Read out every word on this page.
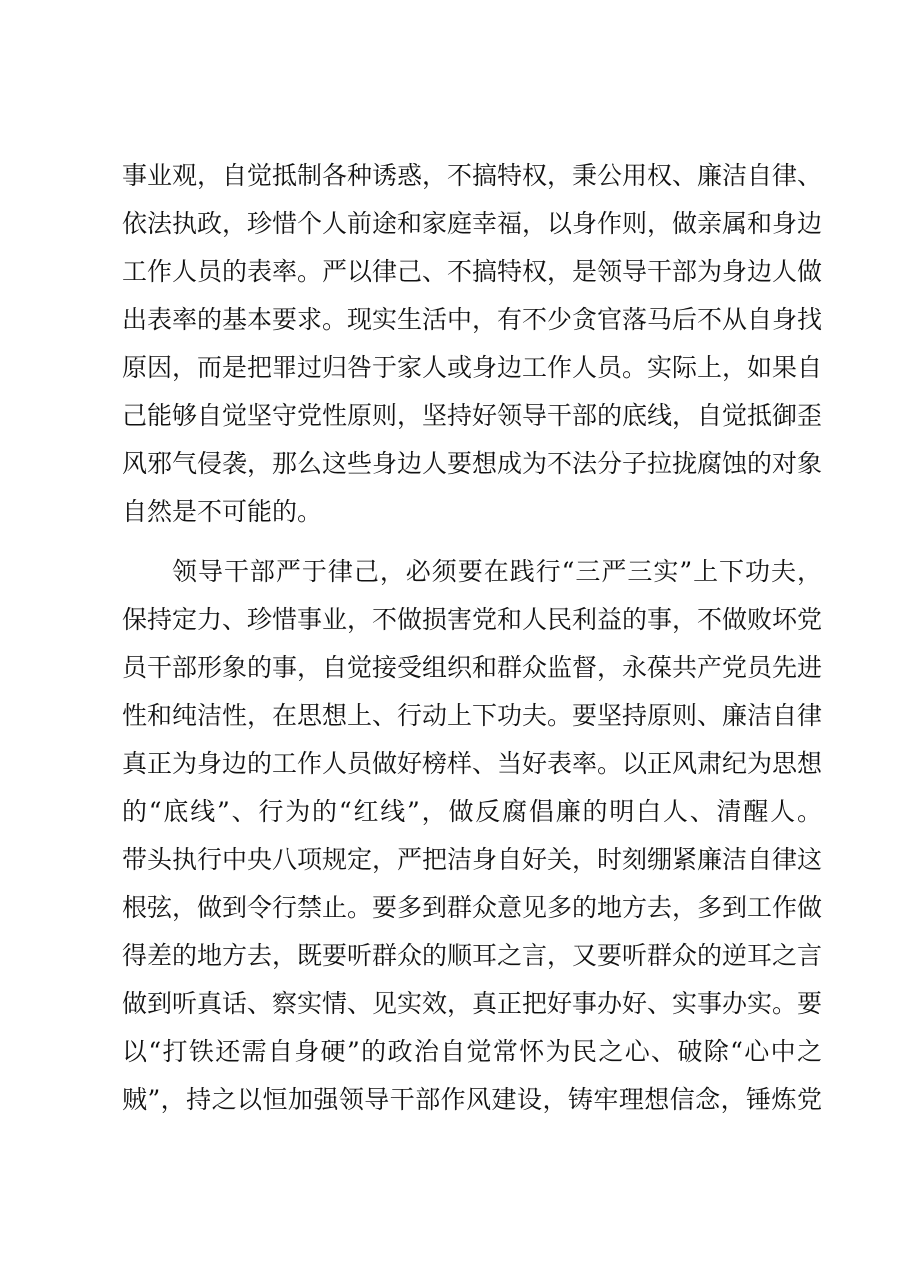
事业观，自觉抵制各种诱惑，不搞特权，秉公用权、廉洁自律、
依法执政，珍惜个人前途和家庭幸福，以身作则，做亲属和身边
工作人员的表率。严以律己、不搞特权，是领导干部为身边人做
出表率的基本要求。现实生活中，有不少贪官落马后不从自身找
原因，而是把罪过归咎于家人或身边工作人员。实际上，如果自
己能够自觉坚守党性原则，坚持好领导干部的底线，自觉抵御歪
风邪气侵袭，那么这些身边人要想成为不法分子拉拢腐蚀的对象
自然是不可能的。
领导干部严于律己，必须要在践行“三严三实”上下功夫，
保持定力、珍惜事业，不做损害党和人民利益的事，不做败坏党
员干部形象的事，自觉接受组织和群众监督，永葆共产党员先进
性和纯洁性，在思想上、行动上下功夫。要坚持原则、廉洁自律
真正为身边的工作人员做好榜样、当好表率。以正风肃纪为思想
的“底线”、行为的“红线”，做反腐倡廉的明白人、清醒人。
带头执行中央八项规定，严把洁身自好关，时刻绷紧廉洁自律这
根弦，做到令行禁止。要多到群众意见多的地方去，多到工作做
得差的地方去，既要听群众的顺耳之言，又要听群众的逆耳之言
做到听真话、察实情、见实效，真正把好事办好、实事办实。要
以“打铁还需自身硬”的政治自觉常怀为民之心、破除“心中之
贼”，持之以恒加强领导干部作风建设，铸牢理想信念，锤炼党
